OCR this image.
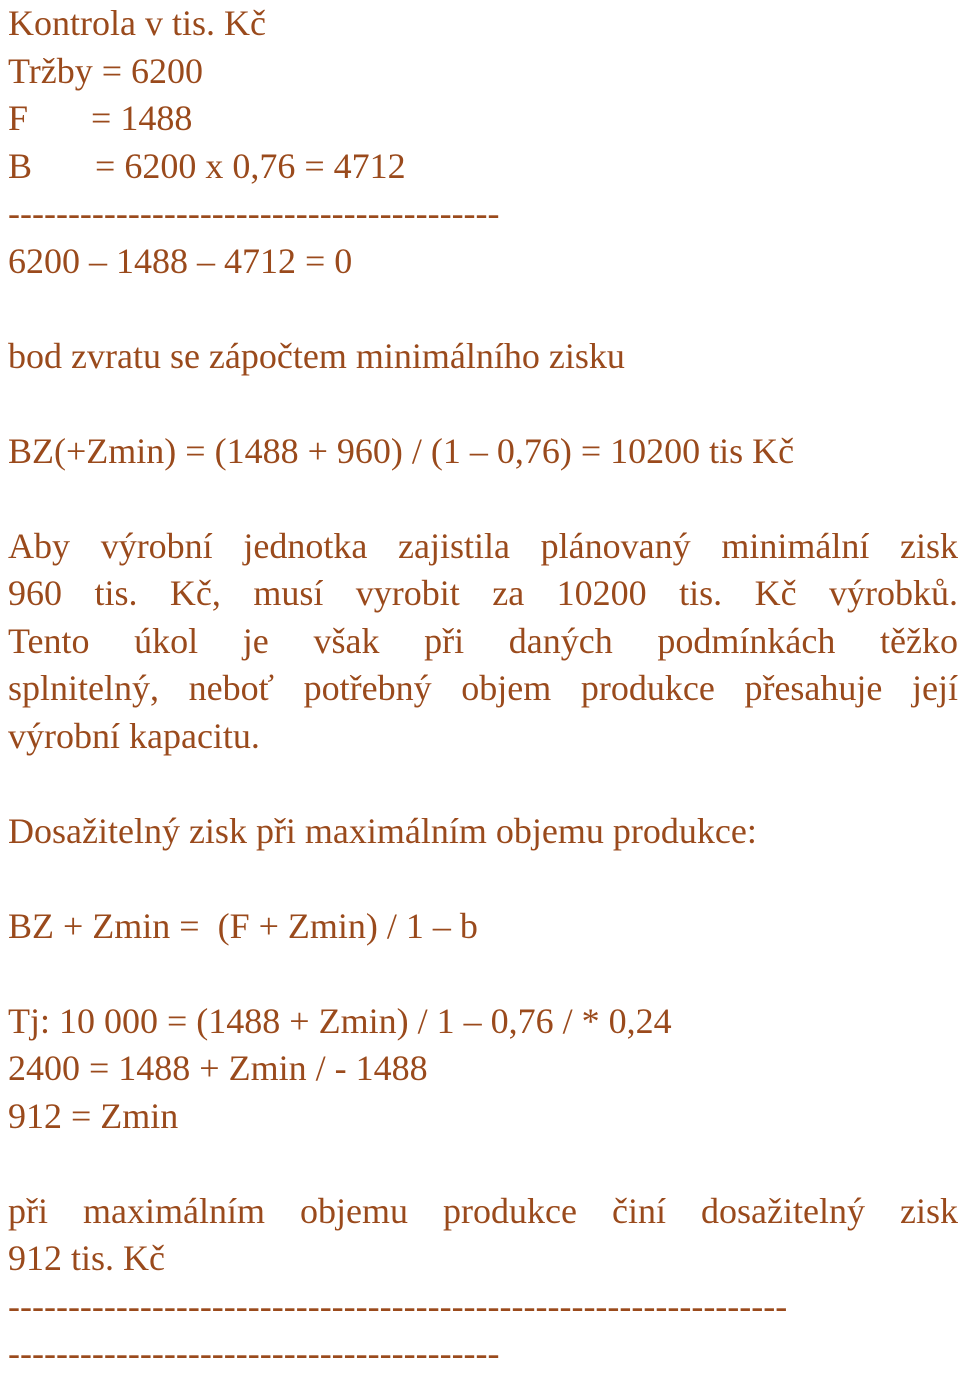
Kontrola v tis. Kč
Tržby = 6200
F       = 1488
B       = 6200 x 0,76 = 4712
-----------------------------------------
6200 – 1488 – 4712 = 0
bod zvratu se zápočtem minimálního zisku
BZ(+Zmin) = (1488 + 960) / (1 – 0,76) = 10200 tis Kč
Aby výrobní jednotka zajistila plánovaný minimální zisk
960 tis. Kč, musí vyrobit za 10200 tis. Kč výrobků.
Tento úkol je však při daných podmínkách těžko
splnitelný, neboť potřebný objem produkce přesahuje její
výrobní kapacitu.
Dosažitelný zisk při maximálním objemu produkce:
BZ + Zmin =  (F + Zmin) / 1 – b
Tj: 10 000 = (1488 + Zmin) / 1 – 0,76 / * 0,24
2400 = 1488 + Zmin / - 1488
912 = Zmin
při maximálním objemu produkce činí dosažitelný zisk
912 tis. Kč
-----------------------------------------------------------------
-----------------------------------------
